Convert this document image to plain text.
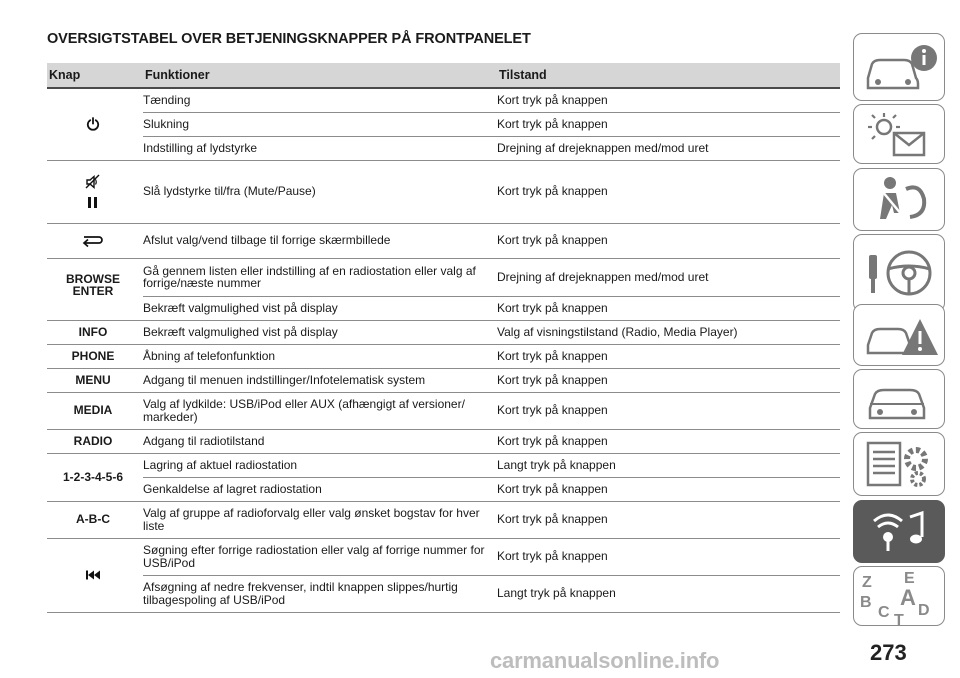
OVERSIGTSTABEL OVER BETJENINGSKNAPPER PÅ FRONTPANELET
Knap	Funktioner	Tilstand

	Tænding	Kort tryk på knappen
	Slukning	Kort tryk på knappen
	Indstilling af lydstyrke	Drejning af drejeknappen med/mod uret

	Slå lydstyrke til/fra (Mute/Pause)	Kort tryk på knappen

	Afslut valg/vend tilbage til forrige skærmbillede	Kort tryk på knappen
BROWSE ENTER	Gå gennem listen eller indstilling af en radiostation eller valg af forrige/næste nummer	Drejning af drejeknappen med/mod uret
	Bekræft valgmulighed vist på display	Kort tryk på knappen
INFO	Bekræft valgmulighed vist på display	Valg af visningstilstand (Radio, Media Player)
PHONE	Åbning af telefonfunktion	Kort tryk på knappen
MENU	Adgang til menuen indstillinger/Infotelematisk system	Kort tryk på knappen
MEDIA	Valg af lydkilde: USB/iPod eller AUX (afhængigt af versioner/ markeder)	Kort tryk på knappen
RADIO	Adgang til radiotilstand	Kort tryk på knappen
1-2-3-4-5-6	Lagring af aktuel radiostation	Langt tryk på knappen
	Genkaldelse af lagret radiostation	Kort tryk på knappen
A-B-C	Valg af gruppe af radioforvalg eller valg ønsket bogstav for hver liste	Kort tryk på knappen

	Søgning efter forrige radiostation eller valg af forrige nummer for USB/iPod	Kort tryk på knappen
	Afsøgning af nedre frekvenser, indtil knappen slippes/hurtig tilbagespoling af USB/iPod	Langt tryk på knappen
Z E
B A
C D
T
273
carmanualsonline.info
